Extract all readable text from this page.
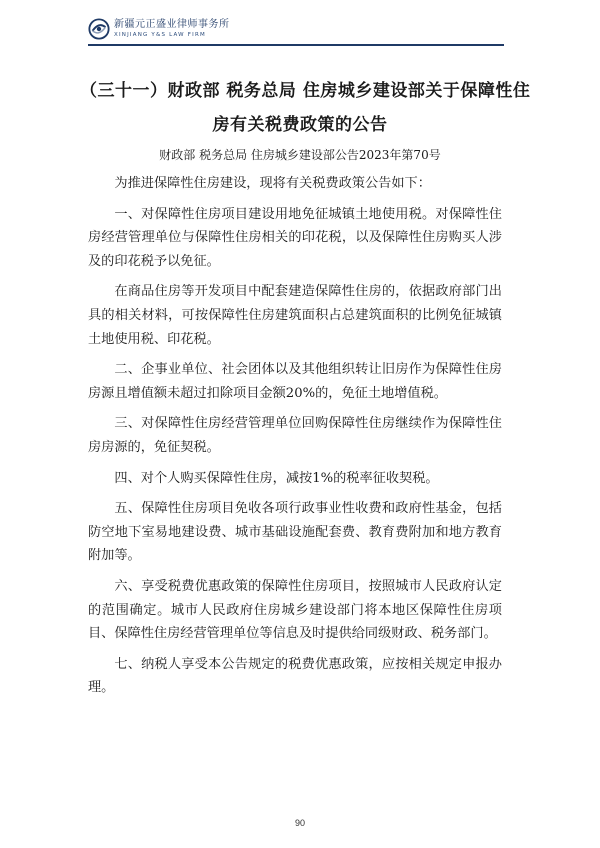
新疆元正盛业律师事务所
XINJIANG Y&S LAW FIRM
（三十一）财政部 税务总局 住房城乡建设部关于保障性住
房有关税费政策的公告
财政部 税务总局 住房城乡建设部公告2023年第70号

为推进保障性住房建设，现将有关税费政策公告如下：

一、对保障性住房项目建设用地免征城镇土地使用税。对保障性住房经营管理单位与保障性住房相关的印花税，以及保障性住房购买人涉及的印花税予以免征。

在商品住房等开发项目中配套建造保障性住房的，依据政府部门出具的相关材料，可按保障性住房建筑面积占总建筑面积的比例免征城镇土地使用税、印花税。

二、企事业单位、社会团体以及其他组织转让旧房作为保障性住房房源且增值额未超过扣除项目金额20%的，免征土地增值税。

三、对保障性住房经营管理单位回购保障性住房继续作为保障性住房房源的，免征契税。

四、对个人购买保障性住房，减按1%的税率征收契税。

五、保障性住房项目免收各项行政事业性收费和政府性基金，包括防空地下室易地建设费、城市基础设施配套费、教育费附加和地方教育附加等。

六、享受税费优惠政策的保障性住房项目，按照城市人民政府认定的范围确定。城市人民政府住房城乡建设部门将本地区保障性住房项目、保障性住房经营管理单位等信息及时提供给同级财政、税务部门。

七、纳税人享受本公告规定的税费优惠政策，应按相关规定申报办理。

90
